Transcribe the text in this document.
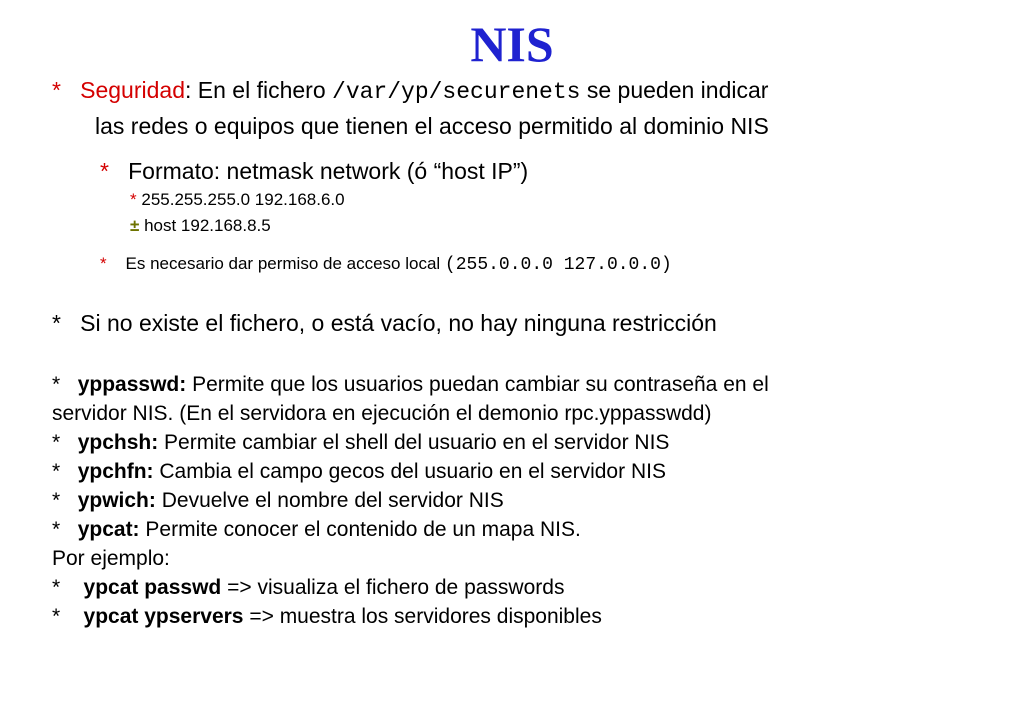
NIS
* Seguridad: En el fichero /var/yp/securenets se pueden indicar
las redes o equipos que tienen el acceso permitido al dominio NIS
* Formato: netmask network (ó “host IP”)
* 255.255.255.0 192.168.6.0
± host 192.168.8.5
* Es necesario dar permiso de acceso local (255.0.0.0 127.0.0.0)
* Si no existe el fichero, o está vacío, no hay ninguna restricción
* yppasswd: Permite que los usuarios puedan cambiar su contraseña en el
servidor NIS. (En el servidora en ejecución el demonio rpc.yppasswdd)
* ypchsh: Permite cambiar el shell del usuario en el servidor NIS
* ypchfn: Cambia el campo gecos del usuario en el servidor NIS
* ypwich: Devuelve el nombre del servidor NIS
* ypcat: Permite conocer el contenido de un mapa NIS.
Por ejemplo:
* ypcat passwd => visualiza el fichero de passwords
* ypcat ypservers => muestra los servidores disponibles
